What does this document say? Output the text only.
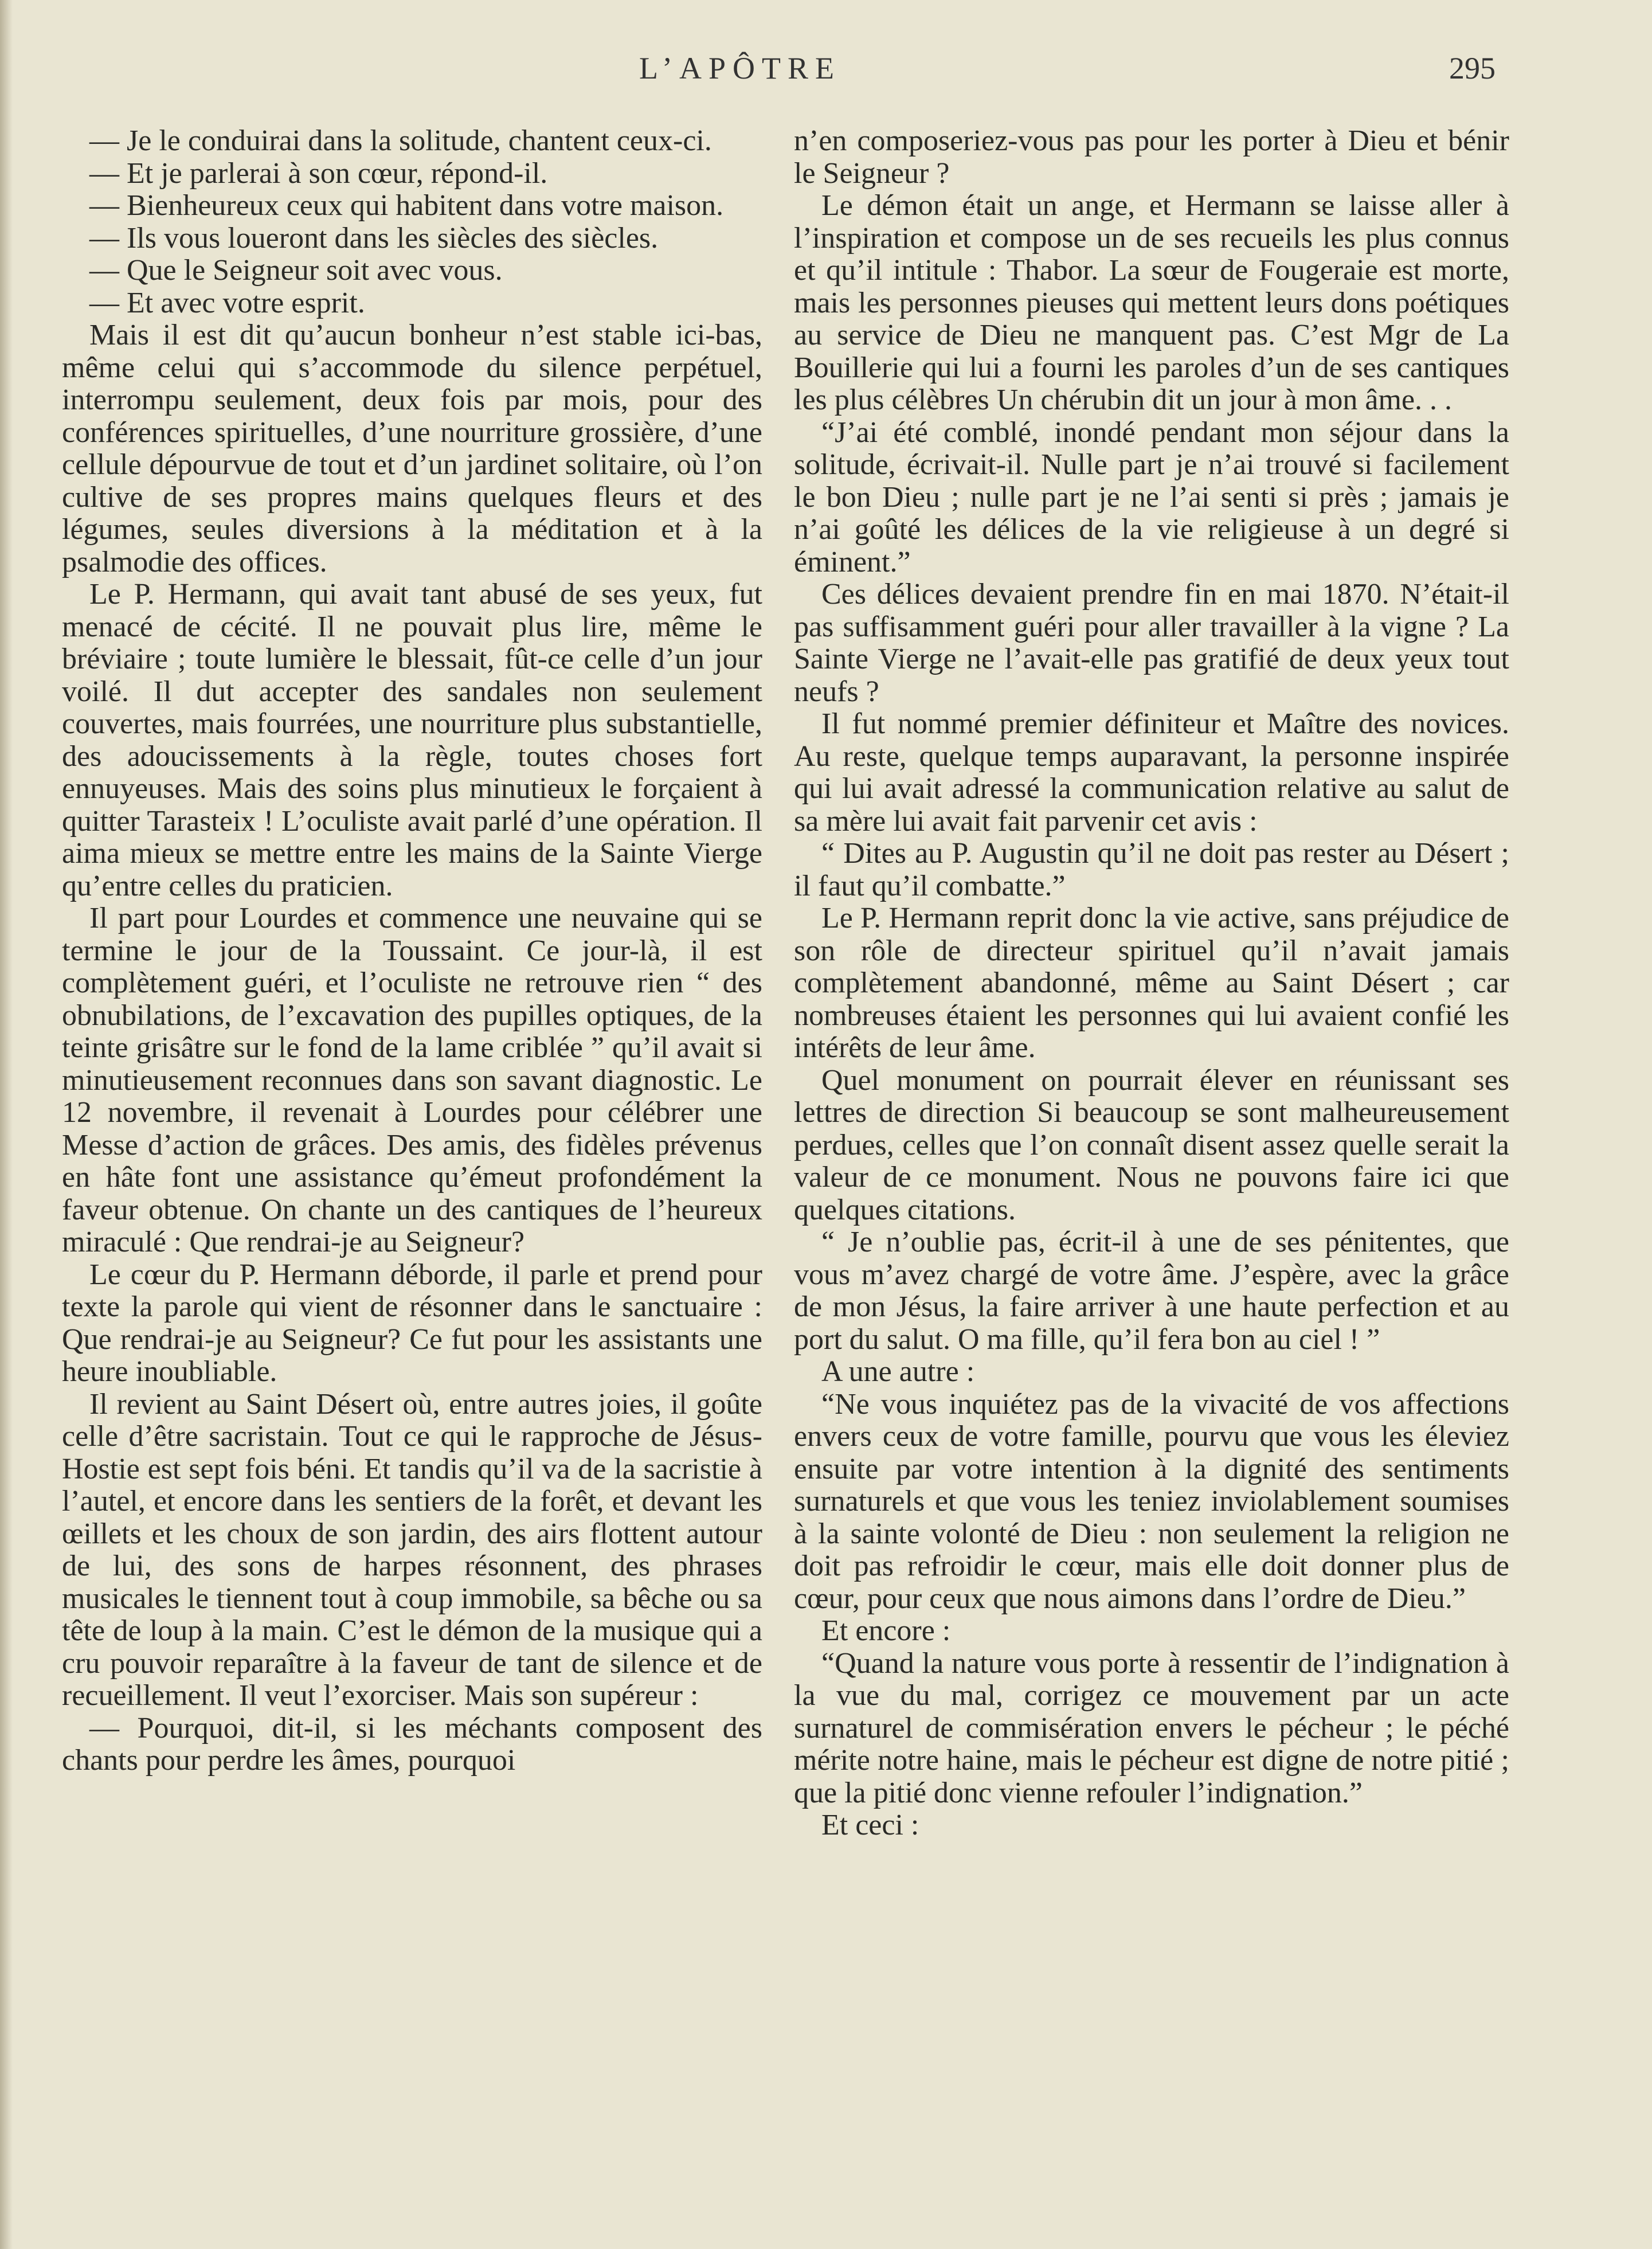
L’APÔTRE	295

— Je le conduirai dans la solitude, chantent ceux-ci.

— Et je parlerai à son cœur, répond-il.

— Bienheureux ceux qui habitent dans votre maison.

— Ils vous loueront dans les siècles des siècles.

— Que le Seigneur soit avec vous.

— Et avec votre esprit.

Mais il est dit qu’aucun bonheur n’est stable ici-bas, même celui qui s’accommode du silence perpétuel, interrompu seulement, deux fois par mois, pour des conférences spirituelles, d’une nourriture grossière, d’une cellule dépourvue de tout et d’un jardinet solitaire, où l’on cultive de ses propres mains quelques fleurs et des légumes, seules diversions à la méditation et à la psalmodie des offices.

Le P. Hermann, qui avait tant abusé de ses yeux, fut menacé de cécité. Il ne pouvait plus lire, même le bréviaire ; toute lumière le blessait, fût-ce celle d’un jour voilé. Il dut accepter des sandales non seulement couvertes, mais fourrées, une nourriture plus substantielle, des adoucissements à la règle, toutes choses fort ennuyeuses. Mais des soins plus minutieux le forçaient à quitter Tarasteix ! L’oculiste avait parlé d’une opération. Il aima mieux se mettre entre les mains de la Sainte Vierge qu’entre celles du praticien.

Il part pour Lourdes et commence une neuvaine qui se termine le jour de la Toussaint. Ce jour-là, il est complètement guéri, et l’oculiste ne retrouve rien “ des obnubilations, de l’excavation des pupilles optiques, de la teinte grisâtre sur le fond de la lame criblée ” qu’il avait si minutieusement reconnues dans son savant diagnostic. Le 12 novembre, il revenait à Lourdes pour célébrer une Messe d’action de grâces. Des amis, des fidèles prévenus en hâte font une assistance qu’émeut profondément la faveur obtenue. On chante un des cantiques de l’heureux miraculé : Que rendrai-je au Seigneur?

Le cœur du P. Hermann déborde, il parle et prend pour texte la parole qui vient de résonner dans le sanctuaire : Que rendrai-je au Seigneur? Ce fut pour les assistants une heure inoubliable.

Il revient au Saint Désert où, entre autres joies, il goûte celle d’être sacristain. Tout ce qui le rapproche de Jésus-Hostie est sept fois béni. Et tandis qu’il va de la sacristie à l’autel, et encore dans les sentiers de la forêt, et devant les œillets et les choux de son jardin, des airs flottent autour de lui, des sons de harpes résonnent, des phrases musicales le tiennent tout à coup immobile, sa bêche ou sa tête de loup à la main. C’est le démon de la musique qui a cru pouvoir reparaître à la faveur de tant de silence et de recueillement. Il veut l’exorciser. Mais son supéreur :

— Pourquoi, dit-il, si les méchants composent des chants pour perdre les âmes, pourquoi

n’en composeriez-vous pas pour les porter à Dieu et bénir le Seigneur ?

Le démon était un ange, et Hermann se laisse aller à l’inspiration et compose un de ses recueils les plus connus et qu’il intitule : Thabor. La sœur de Fougeraie est morte, mais les personnes pieuses qui mettent leurs dons poétiques au service de Dieu ne manquent pas. C’est Mgr de La Bouillerie qui lui a fourni les paroles d’un de ses cantiques les plus célèbres Un chérubin dit un jour à mon âme. . .

“J’ai été comblé, inondé pendant mon séjour dans la solitude, écrivait-il. Nulle part je n’ai trouvé si facilement le bon Dieu ; nulle part je ne l’ai senti si près ; jamais je n’ai goûté les délices de la vie religieuse à un degré si éminent.”

Ces délices devaient prendre fin en mai 1870. N’était-il pas suffisamment guéri pour aller travailler à la vigne ? La Sainte Vierge ne l’avait-elle pas gratifié de deux yeux tout neufs ?

Il fut nommé premier définiteur et Maître des novices. Au reste, quelque temps auparavant, la personne inspirée qui lui avait adressé la communication relative au salut de sa mère lui avait fait parvenir cet avis :

“ Dites au P. Augustin qu’il ne doit pas rester au Désert ; il faut qu’il combatte.”

Le P. Hermann reprit donc la vie active, sans préjudice de son rôle de directeur spirituel qu’il n’avait jamais complètement abandonné, même au Saint Désert ; car nombreuses étaient les personnes qui lui avaient confié les intérêts de leur âme.

Quel monument on pourrait élever en réunissant ses lettres de direction Si beaucoup se sont malheureusement perdues, celles que l’on connaît disent assez quelle serait la valeur de ce monument. Nous ne pouvons faire ici que quelques citations.

“ Je n’oublie pas, écrit-il à une de ses pénitentes, que vous m’avez chargé de votre âme. J’espère, avec la grâce de mon Jésus, la faire arriver à une haute perfection et au port du salut. O ma fille, qu’il fera bon au ciel ! ”

A une autre :

“Ne vous inquiétez pas de la vivacité de vos affections envers ceux de votre famille, pourvu que vous les éleviez ensuite par votre intention à la dignité des sentiments surnaturels et que vous les teniez inviolablement soumises à la sainte volonté de Dieu : non seulement la religion ne doit pas refroidir le cœur, mais elle doit donner plus de cœur, pour ceux que nous aimons dans l’ordre de Dieu.”

Et encore :

“Quand la nature vous porte à ressentir de l’indignation à la vue du mal, corrigez ce mouvement par un acte surnaturel de commisération envers le pécheur ; le péché mérite notre haine, mais le pécheur est digne de notre pitié ; que la pitié donc vienne refouler l’indignation.”

Et ceci :
